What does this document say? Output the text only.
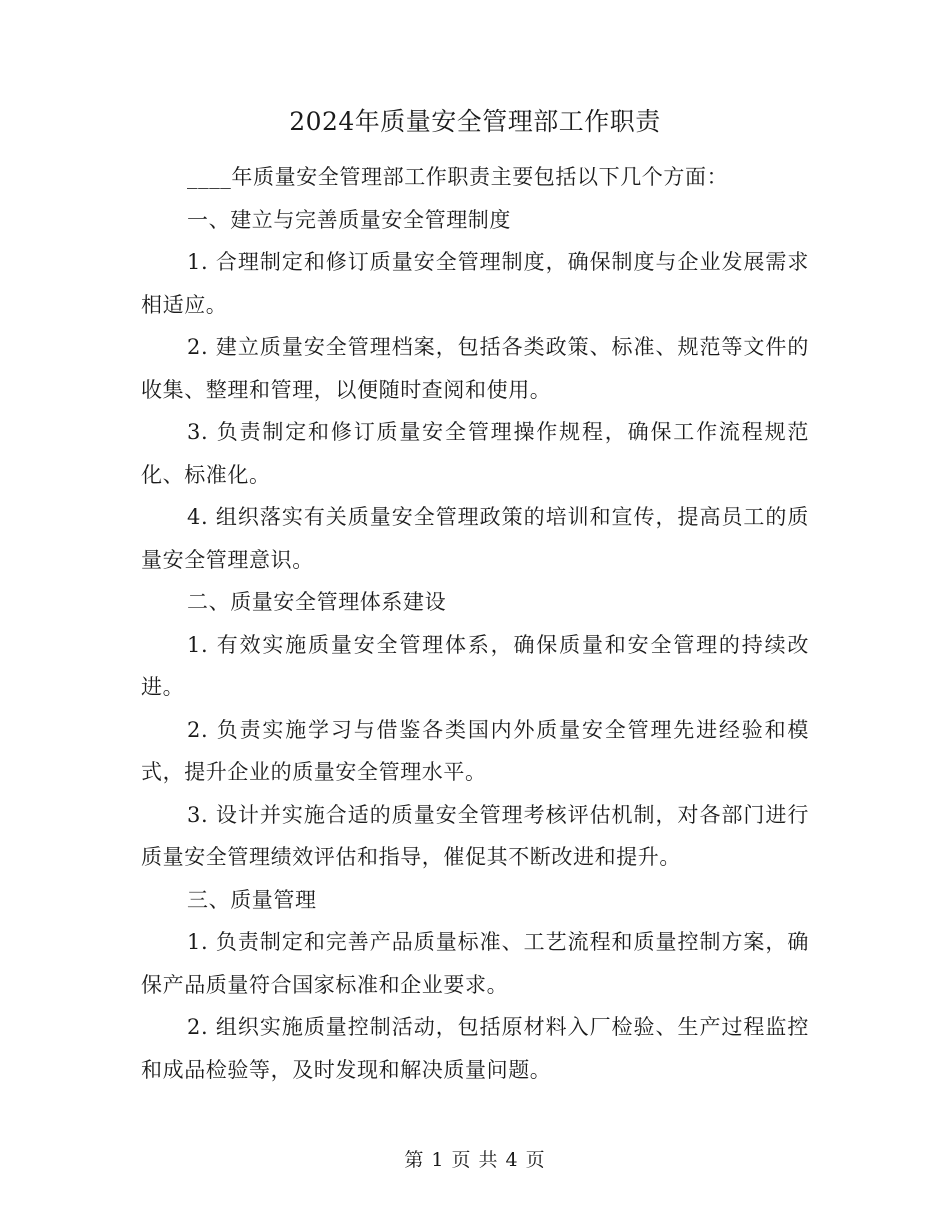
2024年质量安全管理部工作职责

____年质量安全管理部工作职责主要包括以下几个方面：

一、建立与完善质量安全管理制度

1. 合理制定和修订质量安全管理制度，确保制度与企业发展需求相适应。

2. 建立质量安全管理档案，包括各类政策、标准、规范等文件的收集、整理和管理，以便随时查阅和使用。

3. 负责制定和修订质量安全管理操作规程，确保工作流程规范化、标准化。

4. 组织落实有关质量安全管理政策的培训和宣传，提高员工的质量安全管理意识。

二、质量安全管理体系建设

1. 有效实施质量安全管理体系，确保质量和安全管理的持续改进。

2. 负责实施学习与借鉴各类国内外质量安全管理先进经验和模式，提升企业的质量安全管理水平。

3. 设计并实施合适的质量安全管理考核评估机制，对各部门进行质量安全管理绩效评估和指导，催促其不断改进和提升。

三、质量管理

1. 负责制定和完善产品质量标准、工艺流程和质量控制方案，确保产品质量符合国家标准和企业要求。

2. 组织实施质量控制活动，包括原材料入厂检验、生产过程监控和成品检验等，及时发现和解决质量问题。

第 1 页 共 4 页
